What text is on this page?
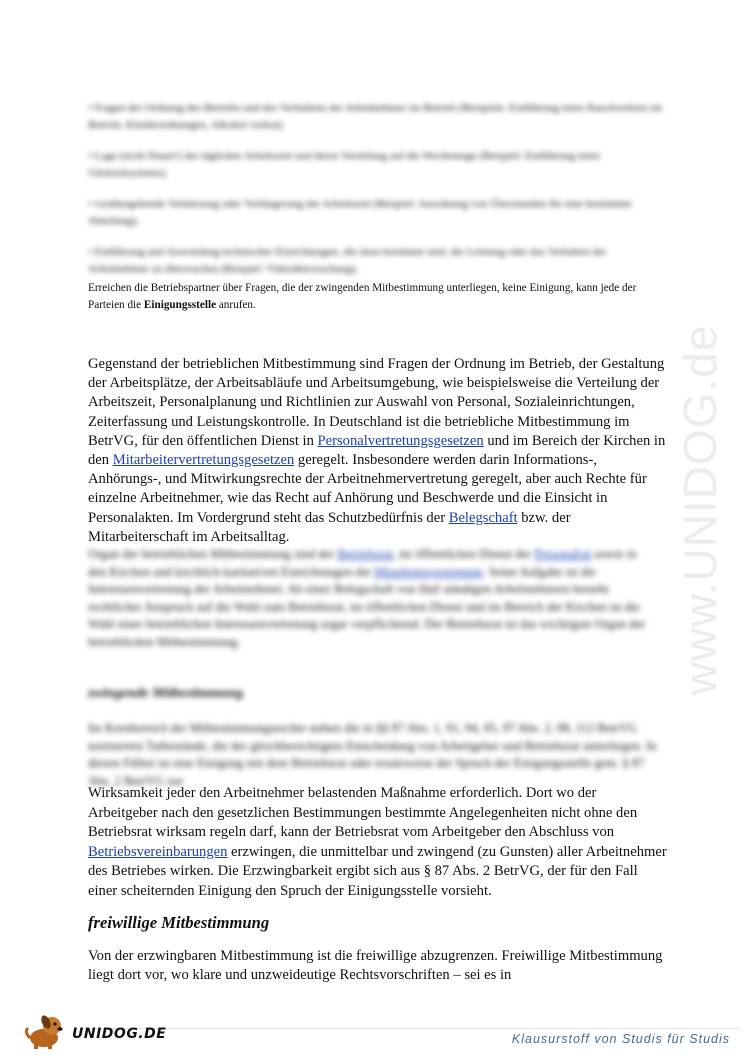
www.UNIDOG.de

• Fragen der Ordnung des Betriebs und des Verhaltens der Arbeitnehmer im Betrieb (Beispiele: Einführung eines Rauchverbots im Betrieb, Kleiderordnungen, Alkohol verbot);

• Lage (nicht Dauer!) der täglichen Arbeitszeit und deren Verteilung auf die Wochentage (Beispiel: Einführung eines Gleitzeitsystems);

• vorübergehende Verkürzung oder Verlängerung der Arbeitszeit (Beispiel: Anordnung von Überstunden für eine bestimmte Abteilung);

• Einführung und Anwendung technischer Einrichtungen, die dazu bestimmt sind, die Leistung oder das Verhalten der Arbeitnehmer zu überwachen (Beispiel: Videoüberwachung).

Erreichen die Betriebspartner über Fragen, die der zwingenden Mitbestimmung unterliegen, keine Einigung, kann jede der Parteien die Einigungsstelle anrufen.

Gegenstand der betrieblichen Mitbestimmung sind Fragen der Ordnung im Betrieb, der Gestaltung der Arbeitsplätze, der Arbeitsabläufe und Arbeitsumgebung, wie beispielsweise die Verteilung der Arbeitszeit, Personalplanung und Richtlinien zur Auswahl von Personal, Sozialeinrichtungen, Zeiterfassung und Leistungskontrolle. In Deutschland ist die betriebliche Mitbestimmung im BetrVG, für den öffentlichen Dienst in Personalvertretungsgesetzen und im Bereich der Kirchen in den Mitarbeitervertretungsgesetzen geregelt. Insbesondere werden darin Informations-, Anhörungs-, und Mitwirkungsrechte der Arbeitnehmervertretung geregelt, aber auch Rechte für einzelne Arbeitnehmer, wie das Recht auf Anhörung und Beschwerde und die Einsicht in Personalakten. Im Vordergrund steht das Schutzbedürfnis der Belegschaft bzw. der Mitarbeiterschaft im Arbeitsalltag.

Organ der betrieblichen Mitbestimmung sind der Betriebsrat, im öffentlichen Dienst der Personalrat sowie in den Kirchen und kirchlich-karitativen Einrichtungen die Mitarbeitervertretung. Seine Aufgabe ist die Interessenvertretung der Arbeitnehmer. Ab einer Belegschaft von fünf ständigen Arbeitnehmern besteht rechtlicher Anspruch auf die Wahl zum Betriebsrat, im öffentlichen Dienst und im Bereich der Kirchen ist die Wahl einer betrieblichen Interessenvertretung sogar verpflichtend. Der Betriebsrat ist das wichtigste Organ der betrieblichen Mitbestimmung.

zwingende Mitbestimmung

Im Kernbereich der Mitbestimmungsrechte stehen die in §§ 87 Abs. 1, 91, 94, 95, 97 Abs. 2, 98, 112 BetrVG normierten Tatbestände, die der gleichberechtigten Entscheidung von Arbeitgeber und Betriebsrat unterliegen. In diesen Fällen ist eine Einigung mit dem Betriebsrat oder ersatzweise der Spruch der Einigungsstelle gem. § 87 Abs. 2 BetrVG zur

Wirksamkeit jeder den Arbeitnehmer belastenden Maßnahme erforderlich. Dort wo der Arbeitgeber nach den gesetzlichen Bestimmungen bestimmte Angelegenheiten nicht ohne den Betriebsrat wirksam regeln darf, kann der Betriebsrat vom Arbeitgeber den Abschluss von Betriebsvereinbarungen erzwingen, die unmittelbar und zwingend (zu Gunsten) aller Arbeitnehmer des Betriebes wirken. Die Erzwingbarkeit ergibt sich aus § 87 Abs. 2 BetrVG, der für den Fall einer scheiternden Einigung den Spruch der Einigungsstelle vorsieht.

freiwillige Mitbestimmung

Von der erzwingbaren Mitbestimmung ist die freiwillige abzugrenzen. Freiwillige Mitbestimmung liegt dort vor, wo klare und unzweideutige Rechtsvorschriften – sei es in

UNIDOG.DE	Klausurstoff von Studis für Studis
